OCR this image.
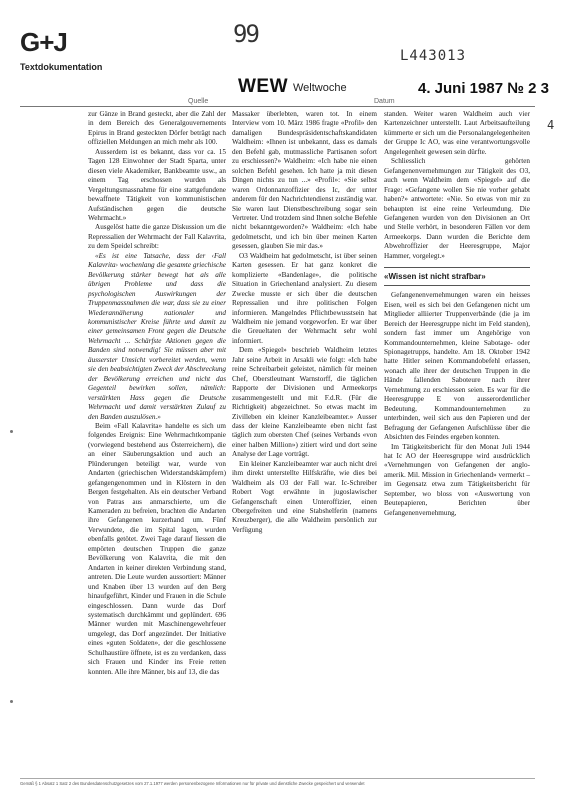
G+J
Textdokumentation
99
L443013
4
WEW Weltwoche	4. Juni 1987 № 2 3
Quelle	Datum

zur Gänze in Brand gesteckt, aber die Zahl der in dem Bereich des Generalgouvernements Epirus in Brand gesteckten Dörfer beträgt nach offiziellen Meldungen an mich mehr als 100.

Ausserdem ist es bekannt, dass vor ca. 15 Tagen 128 Einwohner der Stadt Sparta, unter diesen viele Akademiker, Bankbeamte usw., an einem Tag erschossen wurden als Vergeltungsmassnahme für eine stattgefundene bewaffnete Tätigkeit von kommunistischen Aufständischen gegen die deutsche Wehrmacht.»

Ausgelöst hatte die ganze Diskussion um die Repressalien der Wehrmacht der Fall Kalavrita, zu dem Speidel schreibt:

«Es ist eine Tatsache, dass der ‹Fall Kalavrita› wochenlang die gesamte griechische Bevölkerung stärker bewegt hat als alle übrigen Probleme und dass die psychologischen Auswirkungen der Truppenmassnahmen die war, dass sie zu einer Wiederannäherung nationaler und kommunistischer Kreise führte und damit zu einer gemeinsamen Front gegen die Deutsche Wehrmacht ... Schärfste Aktionen gegen die Banden sind notwendig! Sie müssen aber mit äusserster Umsicht vorbereitet werden, wenn sie den beabsichtigten Zweck der Abschreckung der Bevölkerung erreichen und nicht das Gegenteil bewirken sollen, nämlich: verstärkten Hass gegen die Deutsche Wehrmacht und damit verstärkten Zulauf zu den Banden auszulösen.»

Beim «Fall Kalavrita» handelte es sich um folgendes Ereignis: Eine Wehrmachtkompanie (vorwiegend bestehend aus Österreichern), die an einer Säuberungsaktion und auch an Plünderungen beteiligt war, wurde von Andarten (griechischen Widerstandskämpfern) gefangengenommen und in Klöstern in den Bergen festgehalten. Als ein deutscher Verband von Patras aus anmarschierte, um die Kameraden zu befreien, brachten die Andarten ihre Gefangenen kurzerhand um. Fünf Verwundete, die im Spital lagen, wurden ebenfalls getötet. Zwei Tage darauf liessen die empörten deutschen Truppen die ganze Bevölkerung von Kalavrita, die mit den Andarten in keiner direkten Verbindung stand, antreten. Die Leute wurden aussortiert: Männer und Knaben über 13 wurden auf den Berg hinaufgeführt, Kinder und Frauen in die Schule eingeschlossen. Dann wurde das Dorf systematisch durchkämmt und geplündert. 696 Männer wurden mit Maschinengewehrfeuer umgelegt, das Dorf angezündet. Der Initiative eines «guten Soldaten», der die geschlossene Schulhaustüre öffnete, ist es zu verdanken, dass sich Frauen und Kinder ins Freie retten konnten. Alle ihre Männer, bis auf 13, die das

Massaker überlebten, waren tot. In einem Interview vom 10. März 1986 fragte «Profil» den damaligen Bundespräsidentschaftskandidaten Waldheim: «Ihnen ist unbekannt, dass es damals den Befehl gab, mutmassliche Partisanen sofort zu erschiessen?» Waldheim: «Ich habe nie einen solchen Befehl gesehen. Ich hatte ja mit diesen Dingen nichts zu tun ...» «Profil»: «Sie selbst waren Ordonnanzoffizier des Ic, der unter anderem für den Nachrichtendienst zuständig war. Sie waren laut Dienstbeschreibung sogar sein Vertreter. Und trotzdem sind Ihnen solche Befehle nicht bekanntgeworden?» Waldheim: «Ich habe gedolmetscht, und ich bin über meinen Karten gesessen, glauben Sie mir das.»

O3 Waldheim hat gedolmetscht, ist über seinen Karten gesessen. Er hat ganz konkret die komplizierte «Bandenlage», die politische Situation in Griechenland analysiert. Zu diesem Zwecke musste er sich über die deutschen Repressalien und ihre politischen Folgen informieren. Mangelndes Pflichtbewusstsein hat Waldheim nie jemand vorgeworfen. Er war über die Greueltaten der Wehrmacht sehr wohl informiert.

Dem «Spiegel» beschrieb Waldheim letztes Jahr seine Arbeit in Arsakli wie folgt: «Ich habe reine Schreibarbeit geleistet, nämlich für meinen Chef, Oberstleutnant Warnstorff, die täglichen Rapporte der Divisionen und Armeekorps zusammengestellt und mit F.d.R. (Für die Richtigkeit) abgezeichnet. So etwas macht im Zivilleben ein kleiner Kanzleibeamter.» Ausser dass der kleine Kanzleibeamte eben nicht fast täglich zum obersten Chef (seines Verbands «von einer halben Million») zitiert wird und dort seine Analyse der Lage vorträgt.

Ein kleiner Kanzleibeamter war auch nicht drei ihm direkt unterstellte Hilfskräfte, wie dies bei Waldheim als O3 der Fall war. Ic-Schreiber Robert Vogt erwähnte in jugoslawischer Gefangenschaft einen Unteroffizier, einen Obergefreiten und eine Stabshelferin (namens Kreuzberger), die alle Waldheim persönlich zur Verfügung

standen. Weiter waren Waldheim auch vier Kartenzeichner unterstellt. Laut Arbeitsaufteilung kümmerte er sich um die Personalangelegenheiten der Gruppe Ic AO, was eine verantwortungsvolle Angelegenheit gewesen sein dürfte.

Schliesslich gehörten Gefangenenvernehmungen zur Tätigkeit des O3, auch wenn Waldheim dem «Spiegel» auf die Frage: «Gefangene wollen Sie nie vorher gehabt haben?» antwortete: «Nie. So etwas von mir zu behaupten ist eine reine Verleumdung. Die Gefangenen wurden von den Divisionen an Ort und Stelle verhört, in besonderen Fällen vor dem Armeekorps. Dann wurden die Berichte dem Abwehroffizier der Heeresgruppe, Major Hammer, vorgelegt.»

«Wissen ist nicht strafbar»

Gefangenenvernehmungen waren ein heisses Eisen, weil es sich bei den Gefangenen nicht um Mitglieder alliierter Truppenverbände (die ja im Bereich der Heeresgruppe nicht im Feld standen), sondern fast immer um Angehörige von Kommandounternehmen, kleine Sabotage- oder Spionagetrupps, handelte. Am 18. Oktober 1942 hatte Hitler seinen Kommandobefehl erlassen, wonach alle ihrer der deutschen Truppen in die Hände fallenden Saboteure nach ihrer Vernehmung zu erschiessen seien. Es war für die Heeresgruppe E von ausserordentlicher Bedeutung, Kommandounternehmen zu unterbinden, weil sich aus den Papieren und der Befragung der Gefangenen Aufschlüsse über die Absichten des Feindes ergeben konnten.

Im Tätigkeitsbericht für den Monat Juli 1944 hat Ic AO der Heeresgruppe wird ausdrücklich «Vernehmungen von Gefangenen der anglo-amerik. Mil. Mission in Griechenland» vermerkt – im Gegensatz etwa zum Tätigkeitsbericht für September, wo bloss von «Auswertung von Beutepapieren, Berichten über Gefangenenvernehmung,

Gemäß § 1 Absatz 1 Satz 2 des Bundesdatenschutzgesetzes vom 27.1.1977 werden personenbezogene Informationen nur für private und dienstliche Zwecke gespeichert und verwendet
